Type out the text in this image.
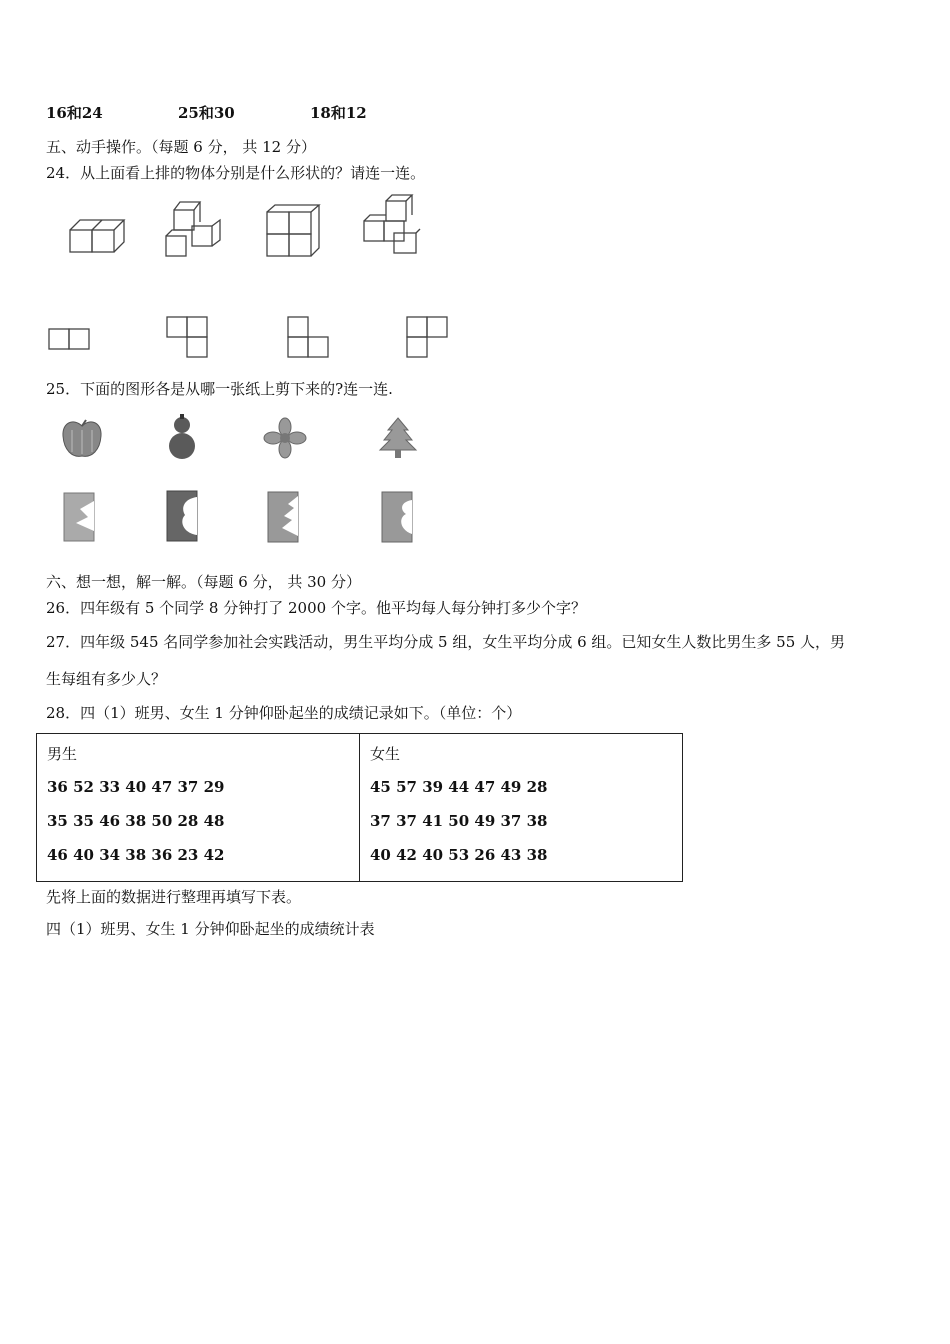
16和24	25和30	18和12
五、动手操作。（每题 6 分， 共 12 分）
24．从上面看上排的物体分别是什么形状的？请连一连。
25．下面的图形各是从哪一张纸上剪下来的?连一连.
六、想一想，解一解。（每题 6 分， 共 30 分）
26．四年级有 5 个同学 8 分钟打了 2000 个字。他平均每人每分钟打多少个字？
27．四年级 545 名同学参加社会实践活动，男生平均分成 5 组，女生平均分成 6 组。已知女生人数比男生多 55 人，男
生每组有多少人？
28．四（1）班男、女生 1 分钟仰卧起坐的成绩记录如下。（单位：个）
男生
36 52 33 40 47 37 29
35 35 46 38 50 28 48
46 40 34 38 36 23 42

女生
45 57 39 44 47 49 28
37 37 41 50 49 37 38
40 42 40 53 26 43 38
先将上面的数据进行整理再填写下表。
四（1）班男、女生 1 分钟仰卧起坐的成绩统计表
